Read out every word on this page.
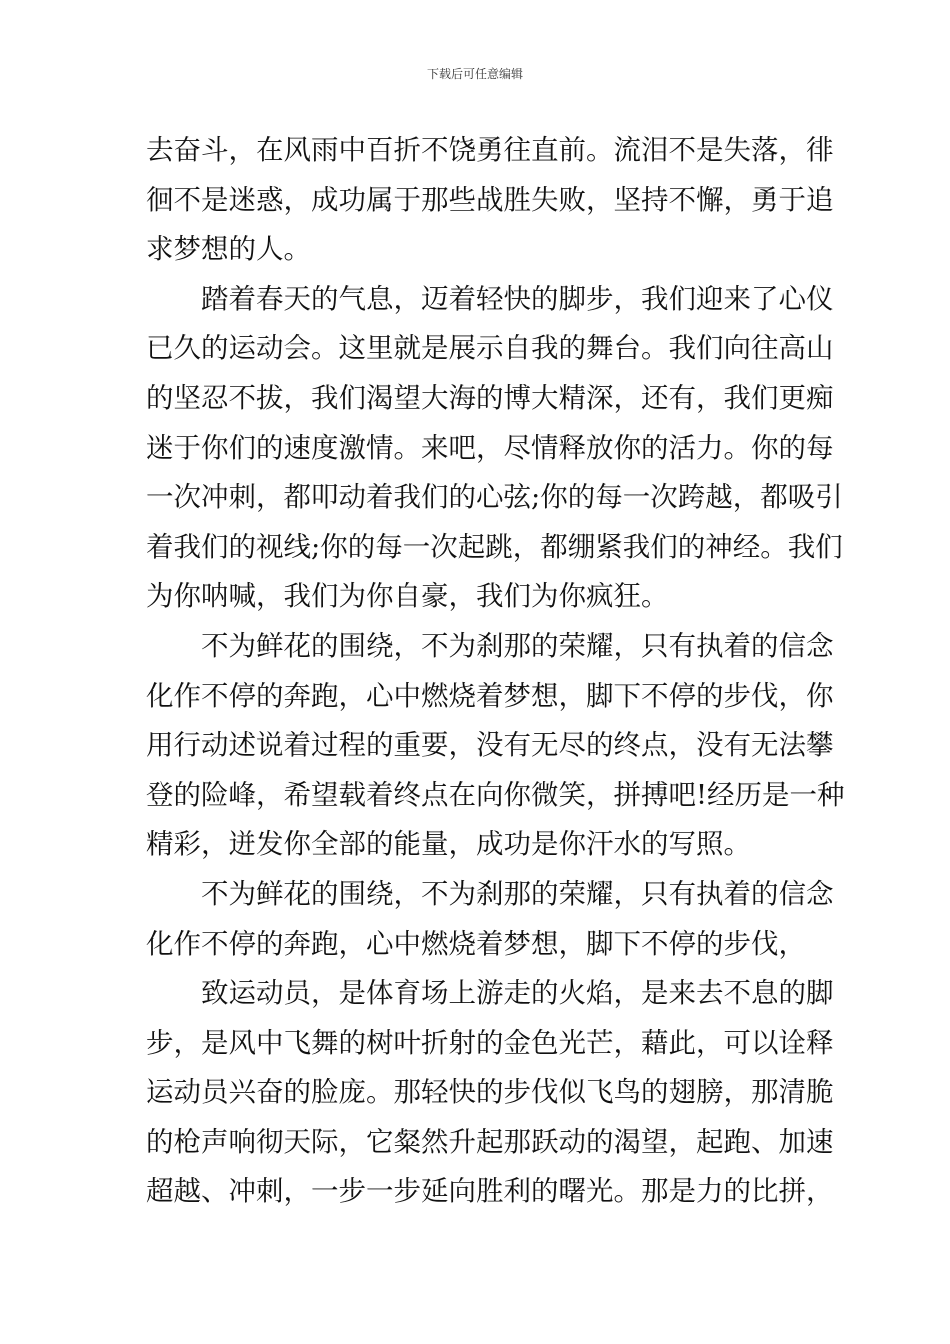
下载后可任意编辑
去奋斗，在风雨中百折不饶勇往直前。流泪不是失落，徘
徊不是迷惑，成功属于那些战胜失败，坚持不懈，勇于追
求梦想的人。
踏着春天的气息，迈着轻快的脚步，我们迎来了心仪
已久的运动会。这里就是展示自我的舞台。我们向往高山
的坚忍不拔，我们渴望大海的博大精深，还有，我们更痴
迷于你们的速度激情。来吧，尽情释放你的活力。你的每
一次冲刺，都叩动着我们的心弦;你的每一次跨越，都吸引
着我们的视线;你的每一次起跳，都绷紧我们的神经。我们
为你呐喊，我们为你自豪，我们为你疯狂。
不为鲜花的围绕，不为刹那的荣耀，只有执着的信念
化作不停的奔跑，心中燃烧着梦想，脚下不停的步伐，你
用行动述说着过程的重要，没有无尽的终点，没有无法攀
登的险峰，希望载着终点在向你微笑，拼搏吧!经历是一种
精彩，迸发你全部的能量，成功是你汗水的写照。
不为鲜花的围绕，不为刹那的荣耀，只有执着的信念
化作不停的奔跑，心中燃烧着梦想，脚下不停的步伐，
致运动员，是体育场上游走的火焰，是来去不息的脚
步，是风中飞舞的树叶折射的金色光芒，藉此，可以诠释
运动员兴奋的脸庞。那轻快的步伐似飞鸟的翅膀，那清脆
的枪声响彻天际，它粲然升起那跃动的渴望，起跑、加速
超越、冲刺，一步一步延向胜利的曙光。那是力的比拼，
